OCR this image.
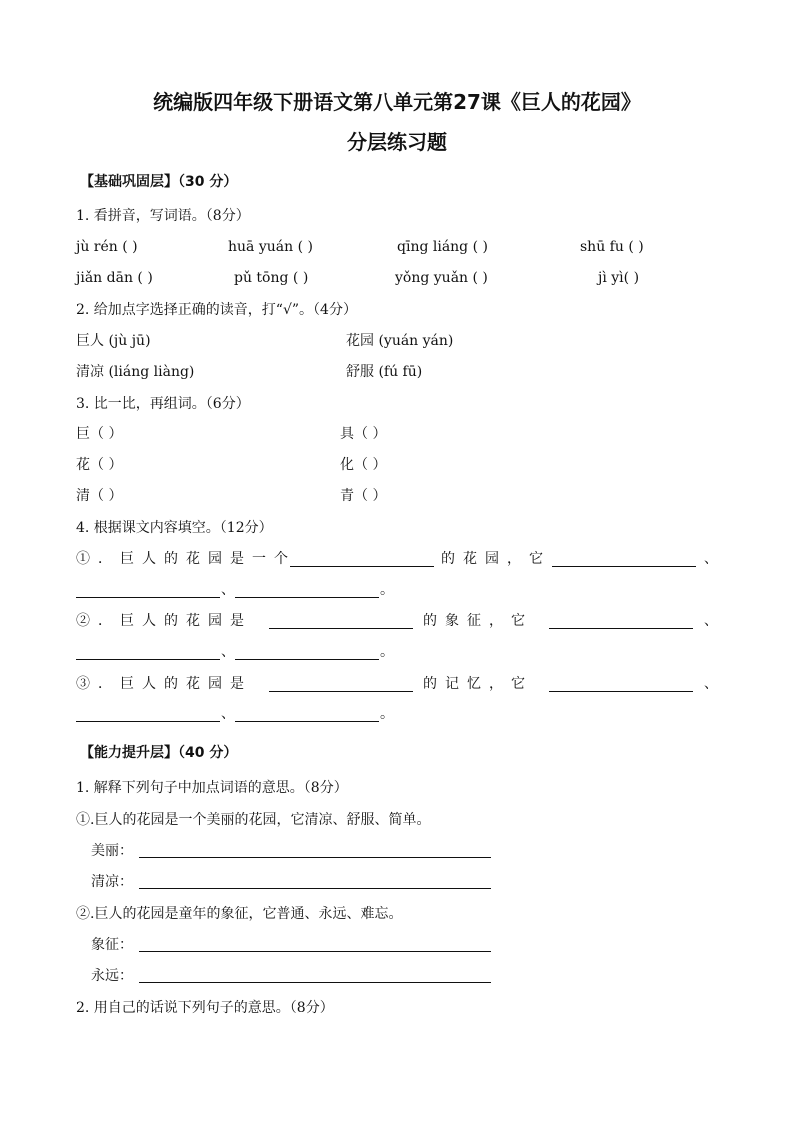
统编版四年级下册语文第八单元第27课《巨人的花园》
分层练习题
【基础巩固层】（30 分）
1. 看拼音，写词语。（8分）
jù rén ( )	huā yuán ( )	qīng liáng ( )	shū fu ( )
jiǎn dān ( )	pǔ tōng ( )	yǒng yuǎn ( )	jì yì( )
2. 给加点字选择正确的读音，打“√”。（4分）
巨人 (jù jū)	花园 (yuán yán)
清凉 (liáng liàng)	舒服 (fú fū)
3. 比一比，再组词。（6分）
巨（ ）	具（ ）
花（ ）	化（ ）
清（ ）	青（ ）
4. 根据课文内容填空。（12分）
①．巨人的花园是一个	的花园，它	、
、	。
②．巨人的花园是	的象征，它	、
、	。
③．巨人的花园是	的记忆，它	、
、	。
【能力提升层】（40 分）
1. 解释下列句子中加点词语的意思。（8分）
①.巨人的花园是一个美丽的花园，它清凉、舒服、简单。
美丽：
清凉：
②.巨人的花园是童年的象征，它普通、永远、难忘。
象征：
永远：
2. 用自己的话说下列句子的意思。（8分）
